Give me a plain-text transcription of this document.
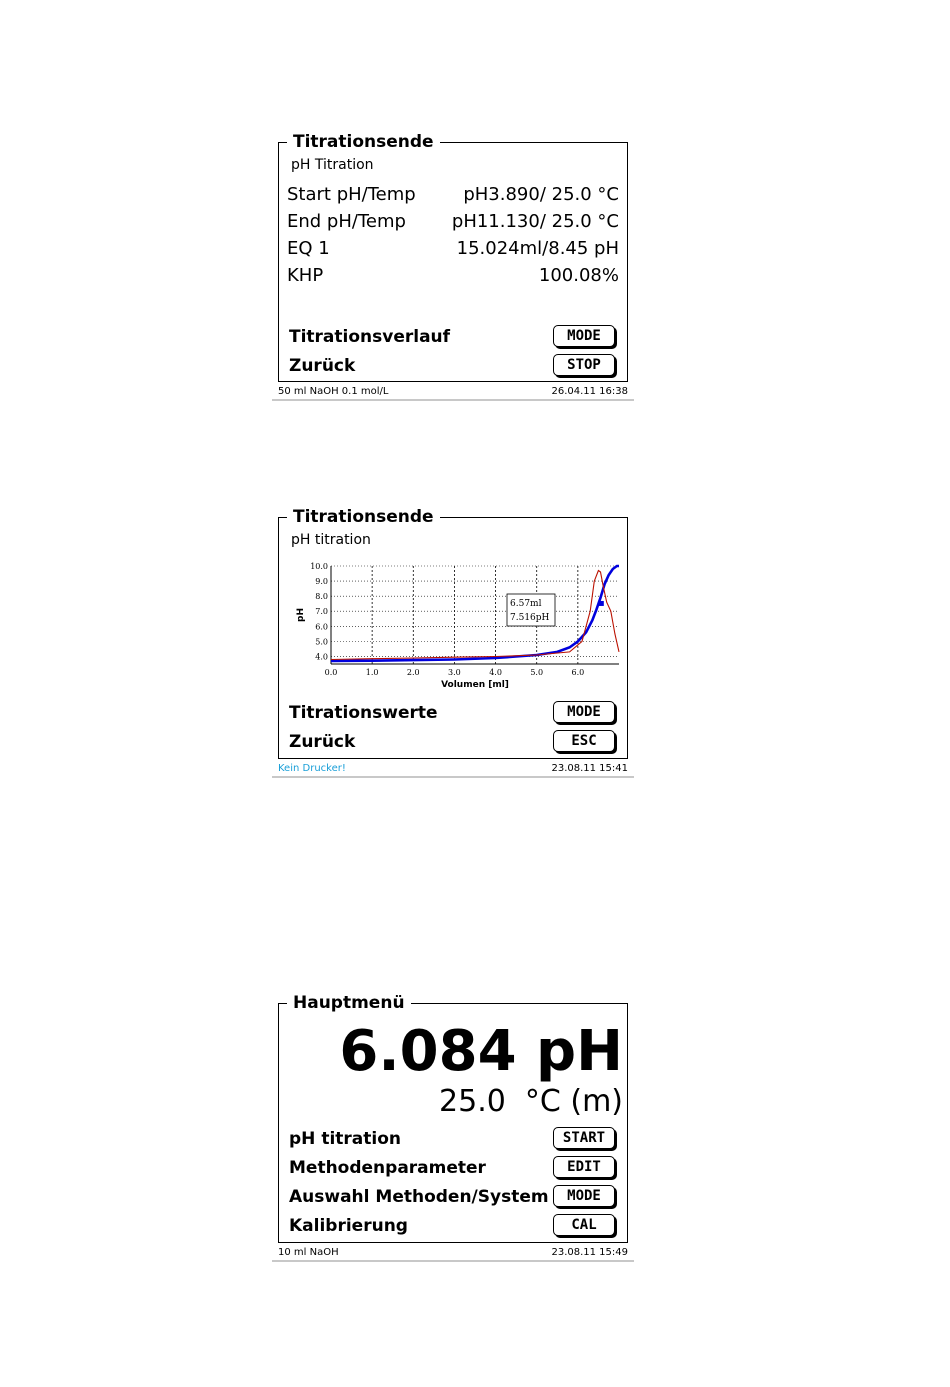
Titrationsende
pH Titration
Start pH/Temp	pH3.890/ 25.0 °C
End pH/Temp	pH11.130/ 25.0 °C
EQ 1	15.024ml/8.45 pH
KHP	100.08%
Titrationsverlauf	MODE
Zurück	STOP
50 ml NaOH 0.1 mol/L	26.04.11 16:38
Titrationsende
pH titration
10.0
9.0
8.0
7.0
6.0
5.0
4.0
0.0	1.0	2.0	3.0	4.0	5.0	6.0
Volumen [ml]
pH
6.57ml
7.516pH
Titrationswerte	MODE
Zurück	ESC
Kein Drucker!	23.08.11 15:41
Hauptmenü
6.084 pH
25.0  °C (m)
pH titration	START
Methodenparameter	EDIT
Auswahl Methoden/System	MODE
Kalibrierung	CAL
10 ml NaOH	23.08.11 15:49
